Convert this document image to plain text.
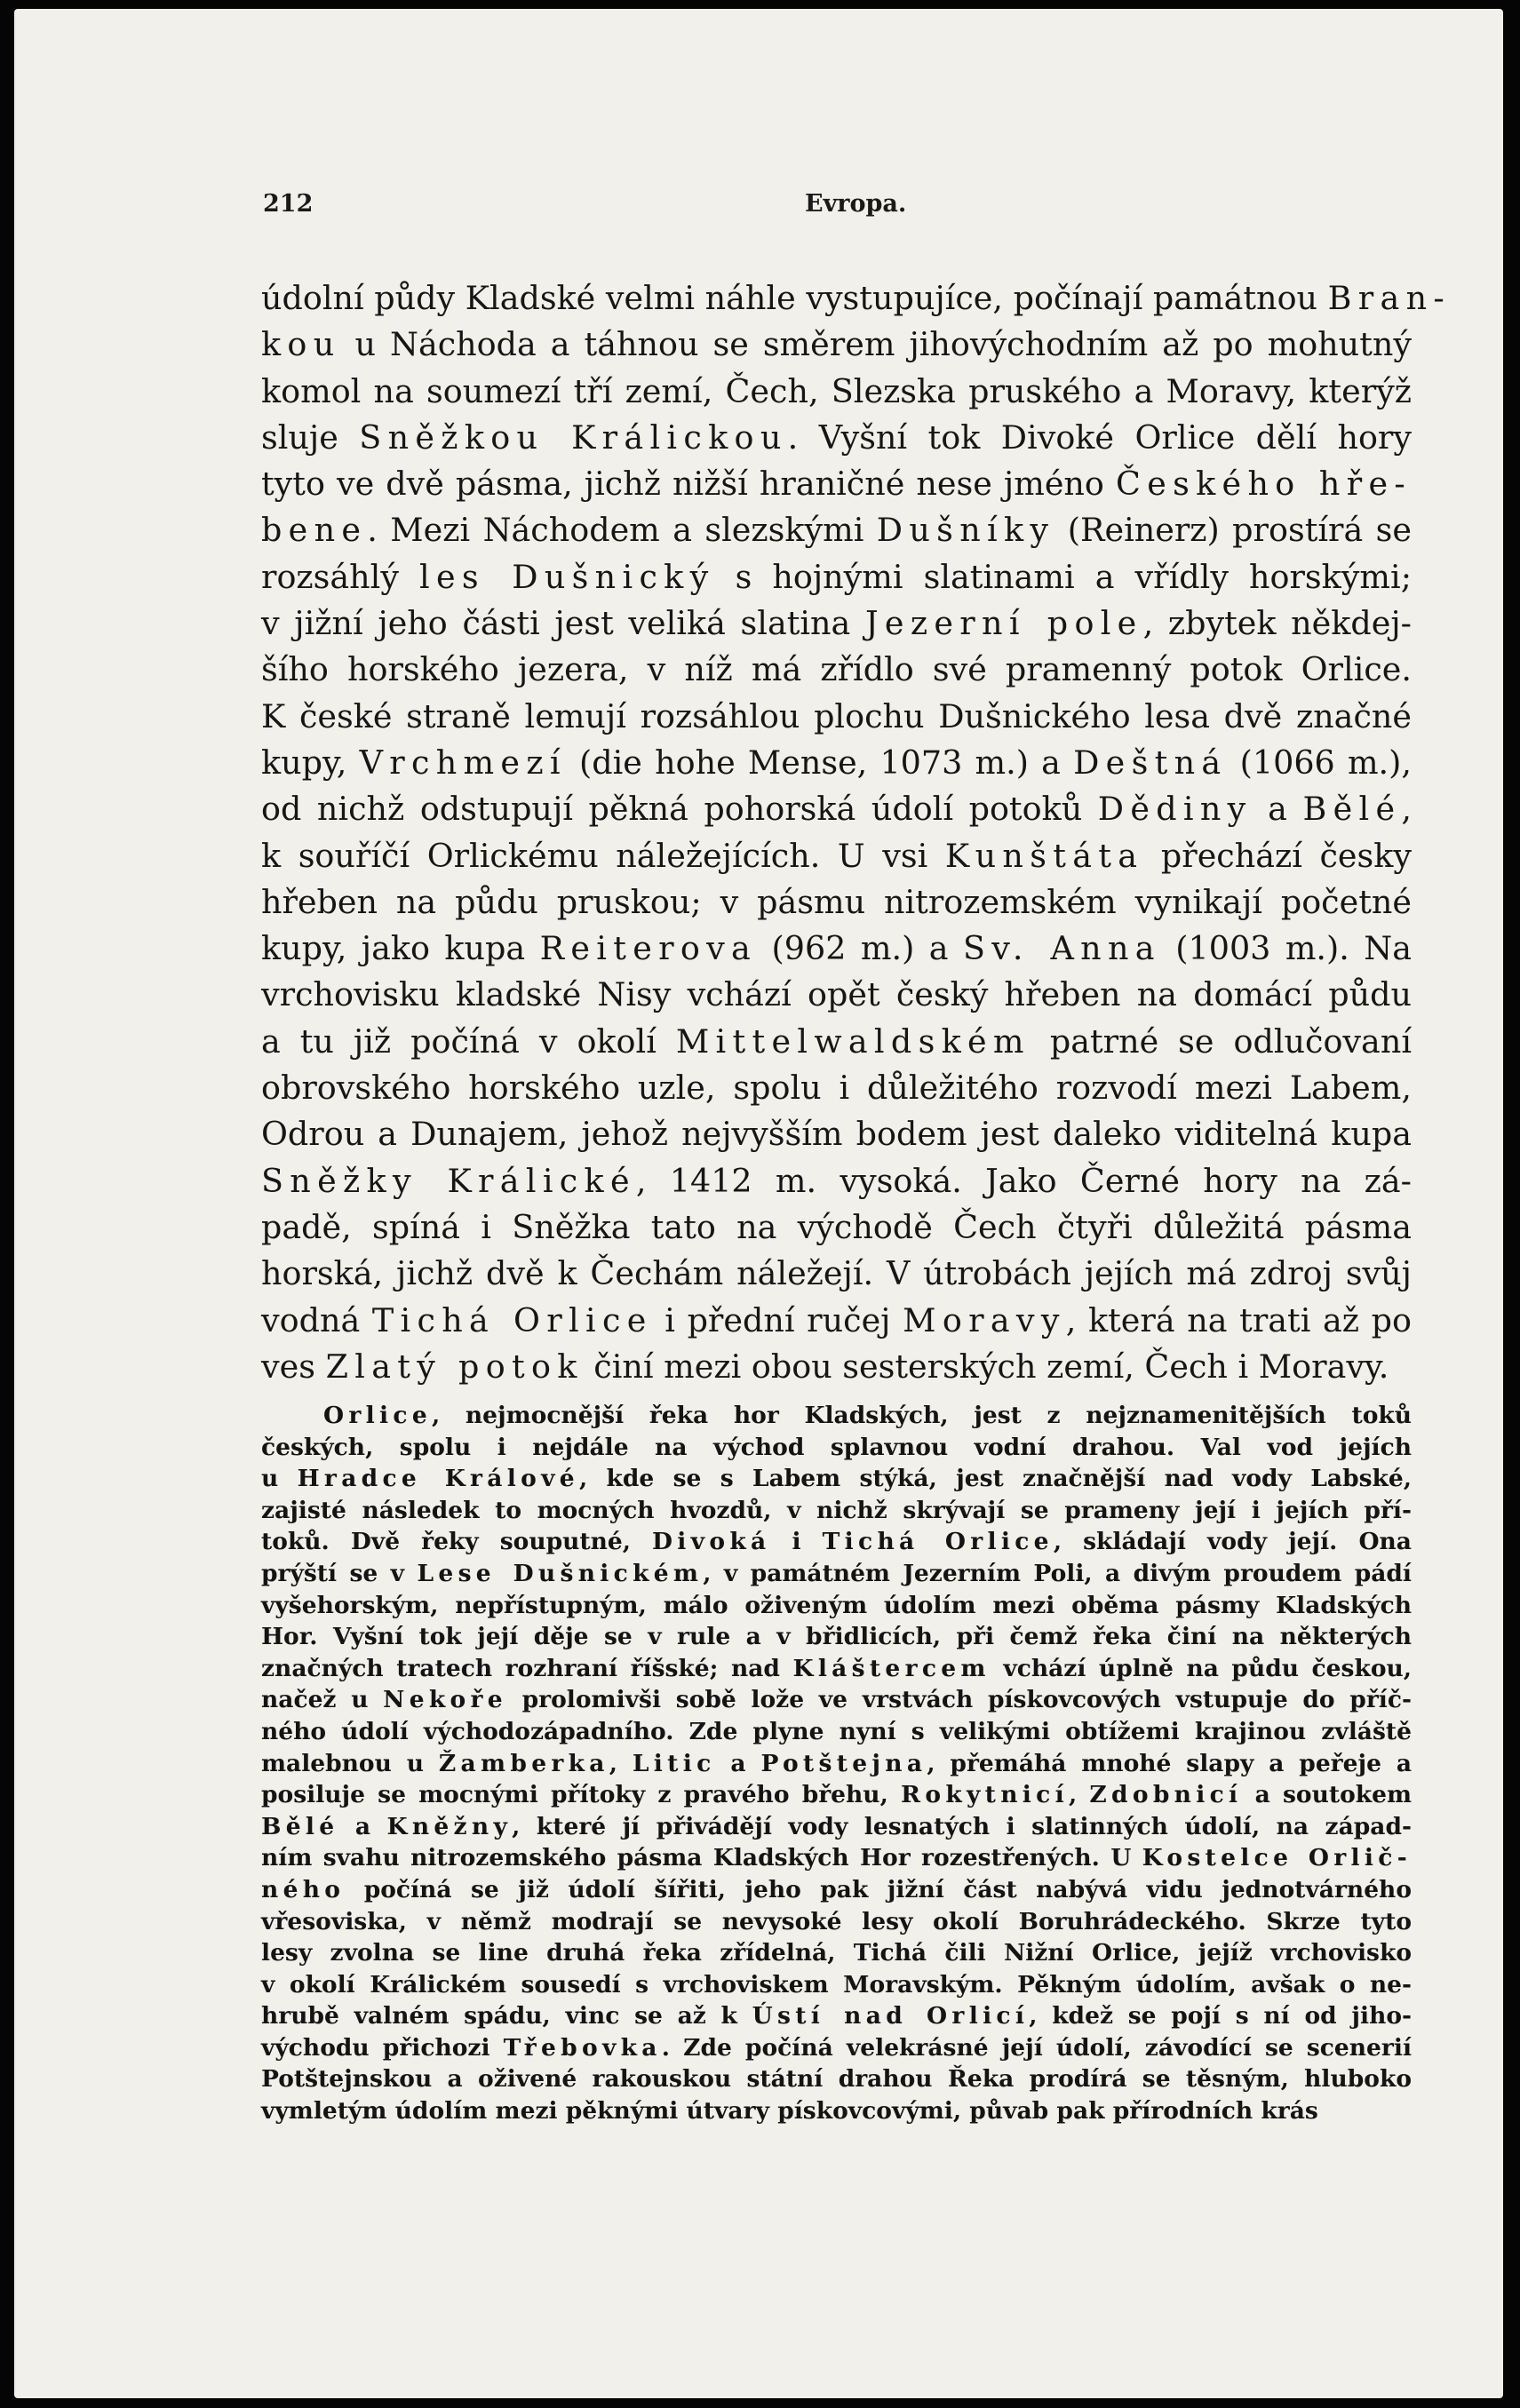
212	Evropa.
údolní půdy Kladské velmi náhle vystupujíce, počínají památnou Bran-
kou u Náchoda a táhnou se směrem jihovýchodním až po mohutný
komol na soumezí tří zemí, Čech, Slezska pruského a Moravy, kterýž
sluje Sněžkou Králickou. Vyšní tok Divoké Orlice dělí hory
tyto ve dvě pásma, jichž nižší hraničné nese jméno Českého hře-
bene. Mezi Náchodem a slezskými Dušníky (Reinerz) prostírá se
rozsáhlý les Dušnický s hojnými slatinami a vřídly horskými;
v jižní jeho části jest veliká slatina Jezerní pole, zbytek někdej-
šího horského jezera, v níž má zřídlo své pramenný potok Orlice.
K české straně lemují rozsáhlou plochu Dušnického lesa dvě značné
kupy, Vrchmezí (die hohe Mense, 1073 m.) a Deštná (1066 m.),
od nichž odstupují pěkná pohorská údolí potoků Dědiny a Bělé,
k souříčí Orlickému náležejících. U vsi Kunštáta přechází česky
hřeben na půdu pruskou; v pásmu nitrozemském vynikají početné
kupy, jako kupa Reiterova (962 m.) a Sv. Anna (1003 m.). Na
vrchovisku kladské Nisy vchází opět český hřeben na domácí půdu
a tu již počíná v okolí Mittelwaldském patrné se odlučovaní
obrovského horského uzle, spolu i důležitého rozvodí mezi Labem,
Odrou a Dunajem, jehož nejvyšším bodem jest daleko viditelná kupa
Sněžky Králické, 1412 m. vysoká. Jako Černé hory na zá-
padě, spíná i Sněžka tato na východě Čech čtyři důležitá pásma
horská, jichž dvě k Čechám náležejí. V útrobách jejích má zdroj svůj
vodná Tichá Orlice i přední ručej Moravy, která na trati až po
ves Zlatý potok činí mezi obou sesterských zemí, Čech i Moravy.
Orlice, nejmocnější řeka hor Kladských, jest z nejznamenitějších toků
českých, spolu i nejdále na východ splavnou vodní drahou. Val vod jejích
u Hradce Králové, kde se s Labem stýká, jest značnější nad vody Labské,
zajisté následek to mocných hvozdů, v nichž skrývají se prameny její i jejích pří-
toků. Dvě řeky souputné, Divoká i Tichá Orlice, skládají vody její. Ona
prýští se v Lese Dušnickém, v památném Jezerním Poli, a divým proudem pádí
vyšehorským, nepřístupným, málo oživeným údolím mezi oběma pásmy Kladských
Hor. Vyšní tok její děje se v rule a v břidlicích, při čemž řeka činí na některých
značných tratech rozhraní říšské; nad Kláštercem vchází úplně na půdu českou,
načež u Nekoře prolomivši sobě lože ve vrstvách pískovcových vstupuje do příč-
ného údolí východozápadního. Zde plyne nyní s velikými obtížemi krajinou zvláště
malebnou u Žamberka, Litic a Potštejna, přemáhá mnohé slapy a peřeje a
posiluje se mocnými přítoky z pravého břehu, Rokytnicí, Zdobnicí a soutokem
Bělé a Kněžny, které jí přivádějí vody lesnatých i slatinných údolí, na západ-
ním svahu nitrozemského pásma Kladských Hor rozestřených. U Kostelce Orlič-
ného počíná se již údolí šířiti, jeho pak jižní část nabývá vidu jednotvárného
vřesoviska, v němž modrají se nevysoké lesy okolí Boruhrádeckého. Skrze tyto
lesy zvolna se line druhá řeka zřídelná, Tichá čili Nižní Orlice, jejíž vrchovisko
v okolí Králickém sousedí s vrchoviskem Moravským. Pěkným údolím, avšak o ne-
hrubě valném spádu, vinc se až k Ústí nad Orlicí, kdež se pojí s ní od jiho-
východu přichozi Třebovka. Zde počíná velekrásné její údolí, závodící se scenerií
Potštejnskou a oživené rakouskou státní drahou Řeka prodírá se těsným, hluboko
vymletým údolím mezi pěknými útvary pískovcovými, půvab pak přírodních krás
